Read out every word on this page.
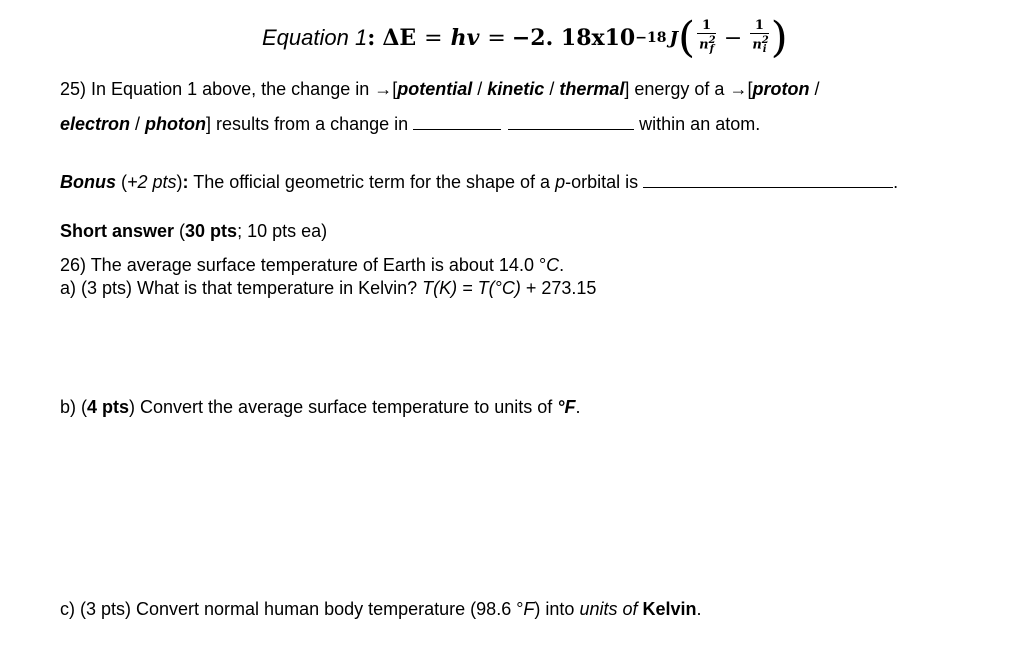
Equation 1 : ΔE = hv = −2. 18x10 −18 J ( $\frac{1}{n^2_f} - \frac{1}{n^2_i}$ )
25) In Equation 1 above, the change in →[potential / kinetic / thermal] energy of a →[proton /
electron / photon] results from a change in	within an atom.
Bonus (+2 pts): The official geometric term for the shape of a p-orbital is	.
Short answer (30 pts; 10 pts ea)
26) The average surface temperature of Earth is about 14.0 °C.
a) (3 pts) What is that temperature in Kelvin? T(K) = T(°C) + 273.15
b) (4 pts) Convert the average surface temperature to units of °F.
c) (3 pts) Convert normal human body temperature (98.6 °F) into units of Kelvin.
